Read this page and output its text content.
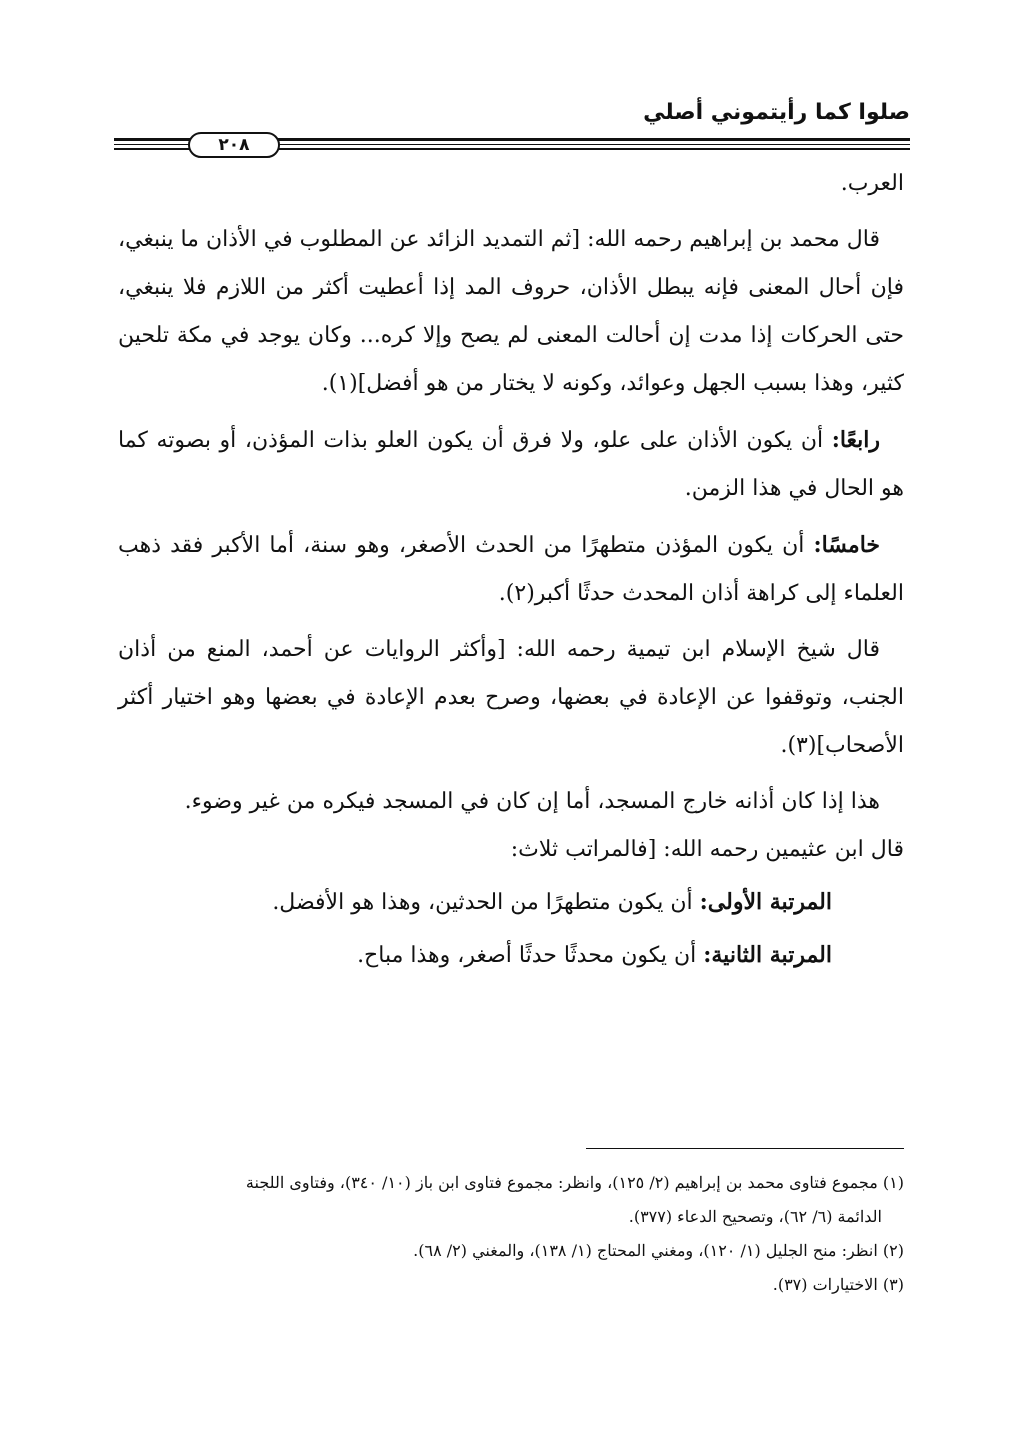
صلوا كما رأيتموني أصلي
٢٠٨

العرب.

قال محمد بن إبراهيم رحمه الله: [ثم التمديد الزائد عن المطلوب في الأذان ما ينبغي، فإن أحال المعنى فإنه يبطل الأذان، حروف المد إذا أعطيت أكثر من اللازم فلا ينبغي، حتى الحركات إذا مدت إن أحالت المعنى لم يصح وإلا كره... وكان يوجد في مكة تلحين كثير، وهذا بسبب الجهل وعوائد، وكونه لا يختار من هو أفضل](١).

رابعًا: أن يكون الأذان على علو، ولا فرق أن يكون العلو بذات المؤذن، أو بصوته كما هو الحال في هذا الزمن.

خامسًا: أن يكون المؤذن متطهرًا من الحدث الأصغر، وهو سنة، أما الأكبر فقد ذهب العلماء إلى كراهة أذان المحدث حدثًا أكبر(٢).

قال شيخ الإسلام ابن تيمية رحمه الله: [وأكثر الروايات عن أحمد، المنع من أذان الجنب، وتوقفوا عن الإعادة في بعضها، وصرح بعدم الإعادة في بعضها وهو اختيار أكثر الأصحاب](٣).

هذا إذا كان أذانه خارج المسجد، أما إن كان في المسجد فيكره من غير وضوء.

قال ابن عثيمين رحمه الله: [فالمراتب ثلاث:

المرتبة الأولى: أن يكون متطهرًا من الحدثين، وهذا هو الأفضل.

المرتبة الثانية: أن يكون محدثًا حدثًا أصغر، وهذا مباح.

(١) مجموع فتاوى محمد بن إبراهيم (٢/ ١٢٥)، وانظر: مجموع فتاوى ابن باز (١٠/ ٣٤٠)، وفتاوى اللجنة

الدائمة (٦/ ٦٢)، وتصحيح الدعاء (٣٧٧).

(٢) انظر: منح الجليل (١/ ١٢٠)، ومغني المحتاج (١/ ١٣٨)، والمغني (٢/ ٦٨).

(٣) الاختيارات (٣٧).
